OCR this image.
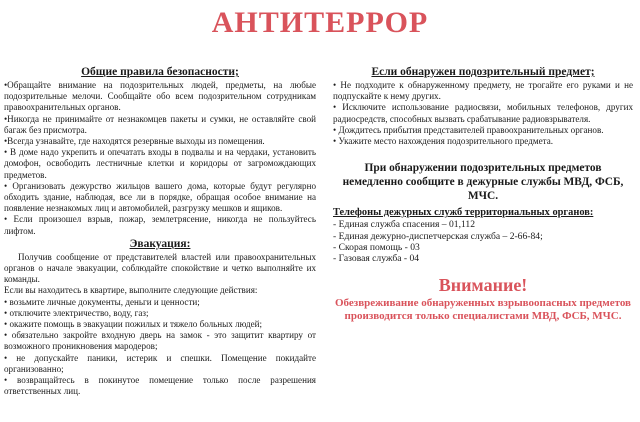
АНТИТЕРРОР
Общие правила безопасности;

•Обращайте внимание на подозрительных людей, предметы, на любые подозрительные мелочи. Сообщайте обо всем подозрительном сотрудникам правоохранительных органов.

•Никогда не принимайте от незнакомцев пакеты и сумки, не оставляйте свой багаж без присмотра.

•Всегда узнавайте, где находятся резервные выходы из помещения.

• В доме надо укрепить и опечатать входы в подвалы и на чердаки, установить домофон, освободить лестничные клетки и коридоры от загромождающих предметов.

• Организовать дежурство жильцов вашего дома, которые будут регулярно обходить здание, наблюдая, все ли в порядке, обращая особое внимание на появление незнакомых лиц и автомобилей, разгрузку мешков и ящиков.

• Если произошел взрыв, пожар, землетрясение, никогда не пользуйтесь лифтом.

Эвакуация:

Получив сообщение от представителей властей или правоохранительных органов о начале эвакуации, соблюдайте спокойствие и четко выполняйте их команды.

Если вы находитесь в квартире, выполните следующие действия:

• возьмите личные документы, деньги и ценности;

• отключите электричество, воду, газ;

• окажите помощь в эвакуации пожилых и тяжело больных людей;

• обязательно закройте входную дверь на замок - это защитит квартиру от возможного проникновения мародеров;

• не допускайте паники, истерик и спешки. Помещение покидайте организованно;

• возвращайтесь в покинутое помещение только после разрешения ответственных лиц.

Если обнаружен подозрительный предмет;

• Не подходите к обнаруженному предмету, не трогайте его руками и не подпускайте к нему других.

• Исключите использование радиосвязи, мобильных телефонов, других радиосредств, способных вызвать срабатывание радиовзрывателя.

• Дождитесь прибытия представителей правоохранительных органов.

• Укажите место нахождения подозрительного предмета.

При обнаружении подозрительных предметов немедленно сообщите в дежурные службы МВД, ФСБ, МЧС.
Телефоны дежурных служб территориальных органов:

- Единая служба спасения – 01,112

- Единая дежурно-диспетчерская служба – 2-66-84;

- Скорая помощь - 03

- Газовая служба - 04

Внимание!

Обезвреживание обнаруженных взрывоопасных предметов производится только специалистами МВД, ФСБ, МЧС.
